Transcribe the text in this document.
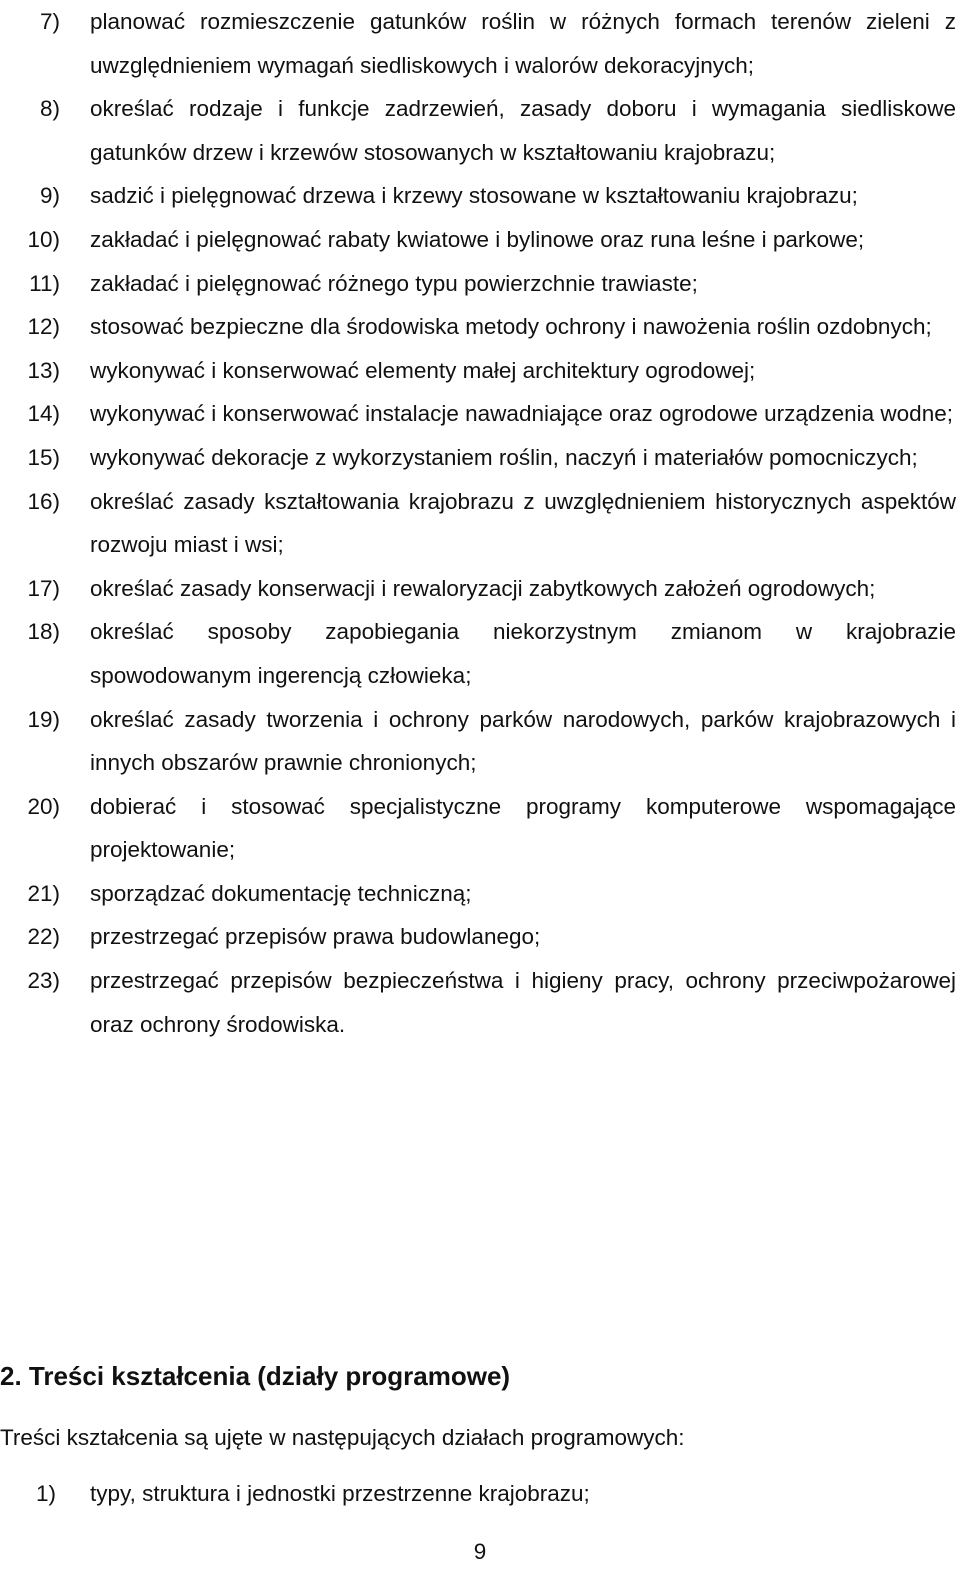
7) planować rozmieszczenie gatunków roślin w różnych formach terenów zieleni z uwzględnieniem wymagań siedliskowych i walorów dekoracyjnych;
8) określać rodzaje i funkcje zadrzewień, zasady doboru i wymagania siedliskowe gatunków drzew i krzewów stosowanych w kształtowaniu krajobrazu;
9) sadzić i pielęgnować drzewa i krzewy stosowane w kształtowaniu krajobrazu;
10) zakładać i pielęgnować rabaty kwiatowe i bylinowe oraz runa leśne i parkowe;
11) zakładać i pielęgnować różnego typu powierzchnie trawiaste;
12) stosować bezpieczne dla środowiska metody ochrony i nawożenia roślin ozdobnych;
13) wykonywać i konserwować elementy małej architektury ogrodowej;
14) wykonywać i konserwować instalacje nawadniające oraz ogrodowe urządzenia wodne;
15) wykonywać dekoracje z wykorzystaniem roślin, naczyń i materiałów pomocniczych;
16) określać zasady kształtowania krajobrazu z uwzględnieniem historycznych aspektów rozwoju miast i wsi;
17) określać zasady konserwacji i rewaloryzacji zabytkowych założeń ogrodowych;
18) określać sposoby zapobiegania niekorzystnym zmianom w krajobrazie spowodowanym ingerencją człowieka;
19) określać zasady tworzenia i ochrony parków narodowych, parków krajobrazowych i innych obszarów prawnie chronionych;
20) dobierać i stosować specjalistyczne programy komputerowe wspomagające projektowanie;
21) sporządzać dokumentację techniczną;
22) przestrzegać przepisów prawa budowlanego;
23) przestrzegać przepisów bezpieczeństwa i higieny pracy, ochrony przeciwpożarowej oraz ochrony środowiska.
2. Treści kształcenia (działy programowe)

Treści kształcenia są ujęte w następujących działach programowych:

1) typy, struktura i jednostki przestrzenne krajobrazu;
9
